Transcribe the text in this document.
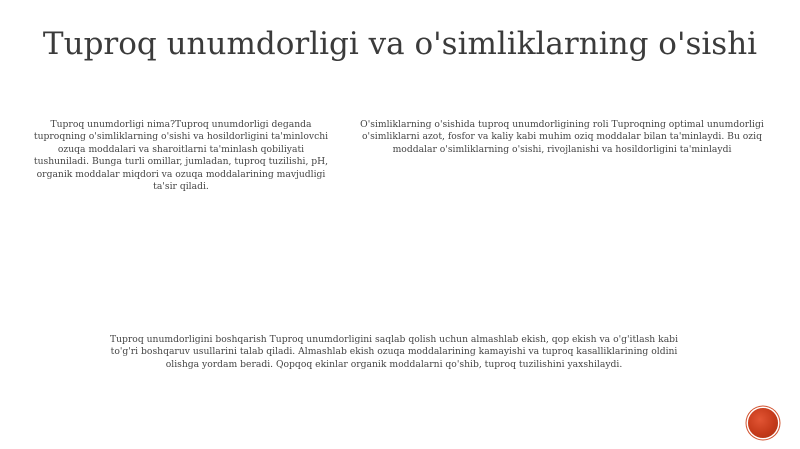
Tuproq unumdorligi va o'simliklarning o'sishi

Tuproq unumdorligi nima?Tuproq unumdorligi deganda tuproqning o'simliklarning o'sishi va hosildorligini ta'minlovchi ozuqa moddalari va sharoitlarni ta'minlash qobiliyati tushuniladi. Bunga turli omillar, jumladan, tuproq tuzilishi, pH, organik moddalar miqdori va ozuqa moddalarining mavjudligi ta'sir qiladi.

O'simliklarning o'sishida tuproq unumdorligining roli Tuproqning optimal unumdorligi o'simliklarni azot, fosfor va kaliy kabi muhim oziq moddalar bilan ta'minlaydi. Bu oziq moddalar o'simliklarning o'sishi, rivojlanishi va hosildorligini ta'minlaydi

Tuproq unumdorligini boshqarish Tuproq unumdorligini saqlab qolish uchun almashlab ekish, qop ekish va o'g'itlash kabi to'g'ri boshqaruv usullarini talab qiladi. Almashlab ekish ozuqa moddalarining kamayishi va tuproq kasalliklarining oldini olishga yordam beradi. Qopqoq ekinlar organik moddalarni qo'shib, tuproq tuzilishini yaxshilaydi.
